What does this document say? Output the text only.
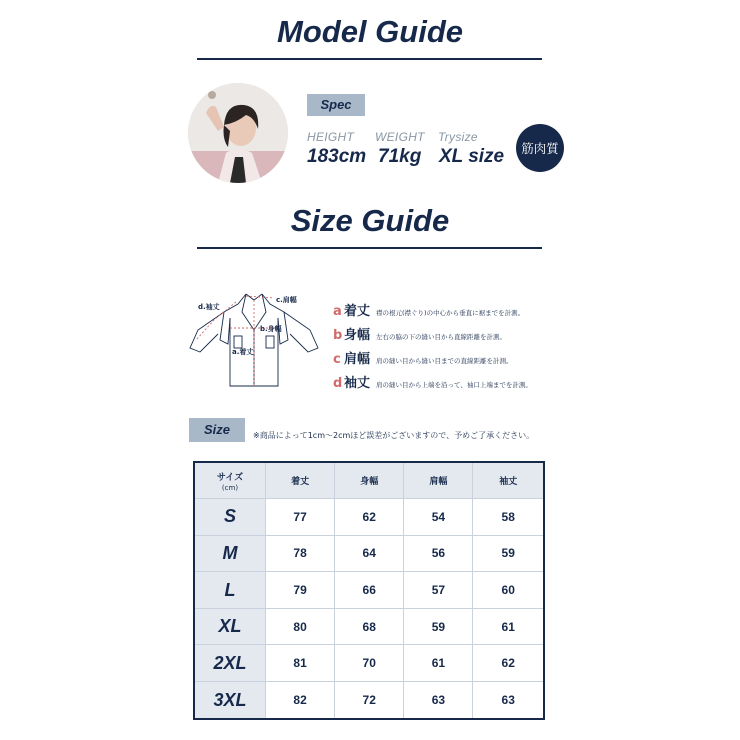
Model Guide
Spec
HEIGHT WEIGHT Trysize
183cm 71kg XL size	筋肉質
Size Guide
d.袖丈
c.肩幅
b.身幅
a.着丈
a 着丈 襟の根元(襟ぐり)の中心から垂直に裾までを計測。
b 身幅 左右の脇の下の縫い目から直線距離を計測。
c 肩幅 肩の縫い目から縫い目までの直線距離を計測。
d 袖丈 肩の縫い目から上端を沿って、袖口上端までを計測。
Size	※商品によって1cm〜2cmほど誤差がございますので、予めご了承ください。
サイズ
(cm)	着丈	身幅	肩幅	袖丈
S	77	62	54	58
M	78	64	56	59
L	79	66	57	60
XL	80	68	59	61
2XL	81	70	61	62
3XL	82	72	63	63
